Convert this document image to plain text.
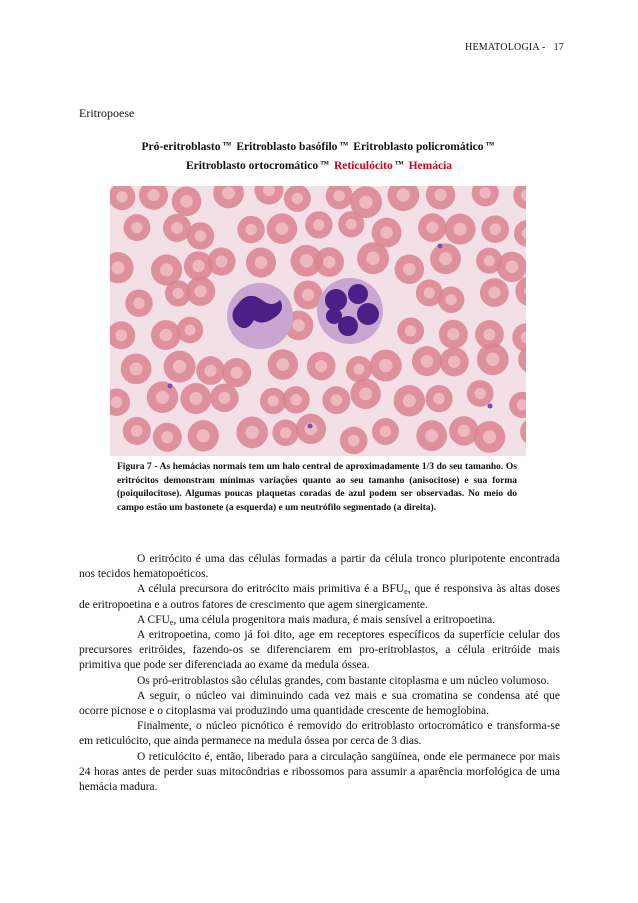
HEMATOLOGIA -   17
Eritropoese
Pró-eritroblasto ™ Eritroblasto basófilo ™ Eritroblasto policromático ™
Eritroblasto ortocromático ™ Reticulócito ™ Hemácia
Figura 7 - As hemácias normais tem um halo central de aproximadamente 1/3 do seu tamanho. Os eritrócitos demonstram mínimas variações quanto ao seu tamanho (anisocitose) e sua forma (poiquilocitose). Algumas poucas plaquetas coradas de azul podem ser observadas. No meio do campo estão um bastonete (a esquerda) e um neutrófilo segmentado (a direita).

O eritrócito é uma das células formadas a partir da célula tronco pluripotente encontrada nos tecidos hematopoéticos.

A célula precursora do eritrócito mais primitiva é a $BFU_e$, que é responsiva às altas doses de eritropoetina e a outros fatores de crescimento que agem sinergicamente.

A $CFU_e$, uma célula progenitora mais madura, é mais sensível a eritropoetina.

A eritropoetina, como já foi dito, age em receptores específicos da superfície celular dos precursores eritróides, fazendo-os se diferenciarem em pro-eritroblastos, a célula eritróide mais primitiva que pode ser diferenciada ao exame da medula óssea.

Os pró-eritroblastos são células grandes, com bastante citoplasma e um núcleo volumoso.

A seguir, o núcleo vai diminuindo cada vez mais e sua cromatina se condensa até que ocorre picnose e o citoplasma vai produzindo uma quantidade crescente de hemoglobina.

Finalmente, o núcleo picnótico é removido do eritroblasto ortocromático e transforma-se em reticulócito, que ainda permanece na medula óssea por cerca de 3 dias.

O reticulócito é, então, liberado para a circulação sangüínea, onde ele permanece por mais 24 horas antes de perder suas mitocôndrias e ribossomos para assumir a aparência morfológica de uma hemácia madura.
